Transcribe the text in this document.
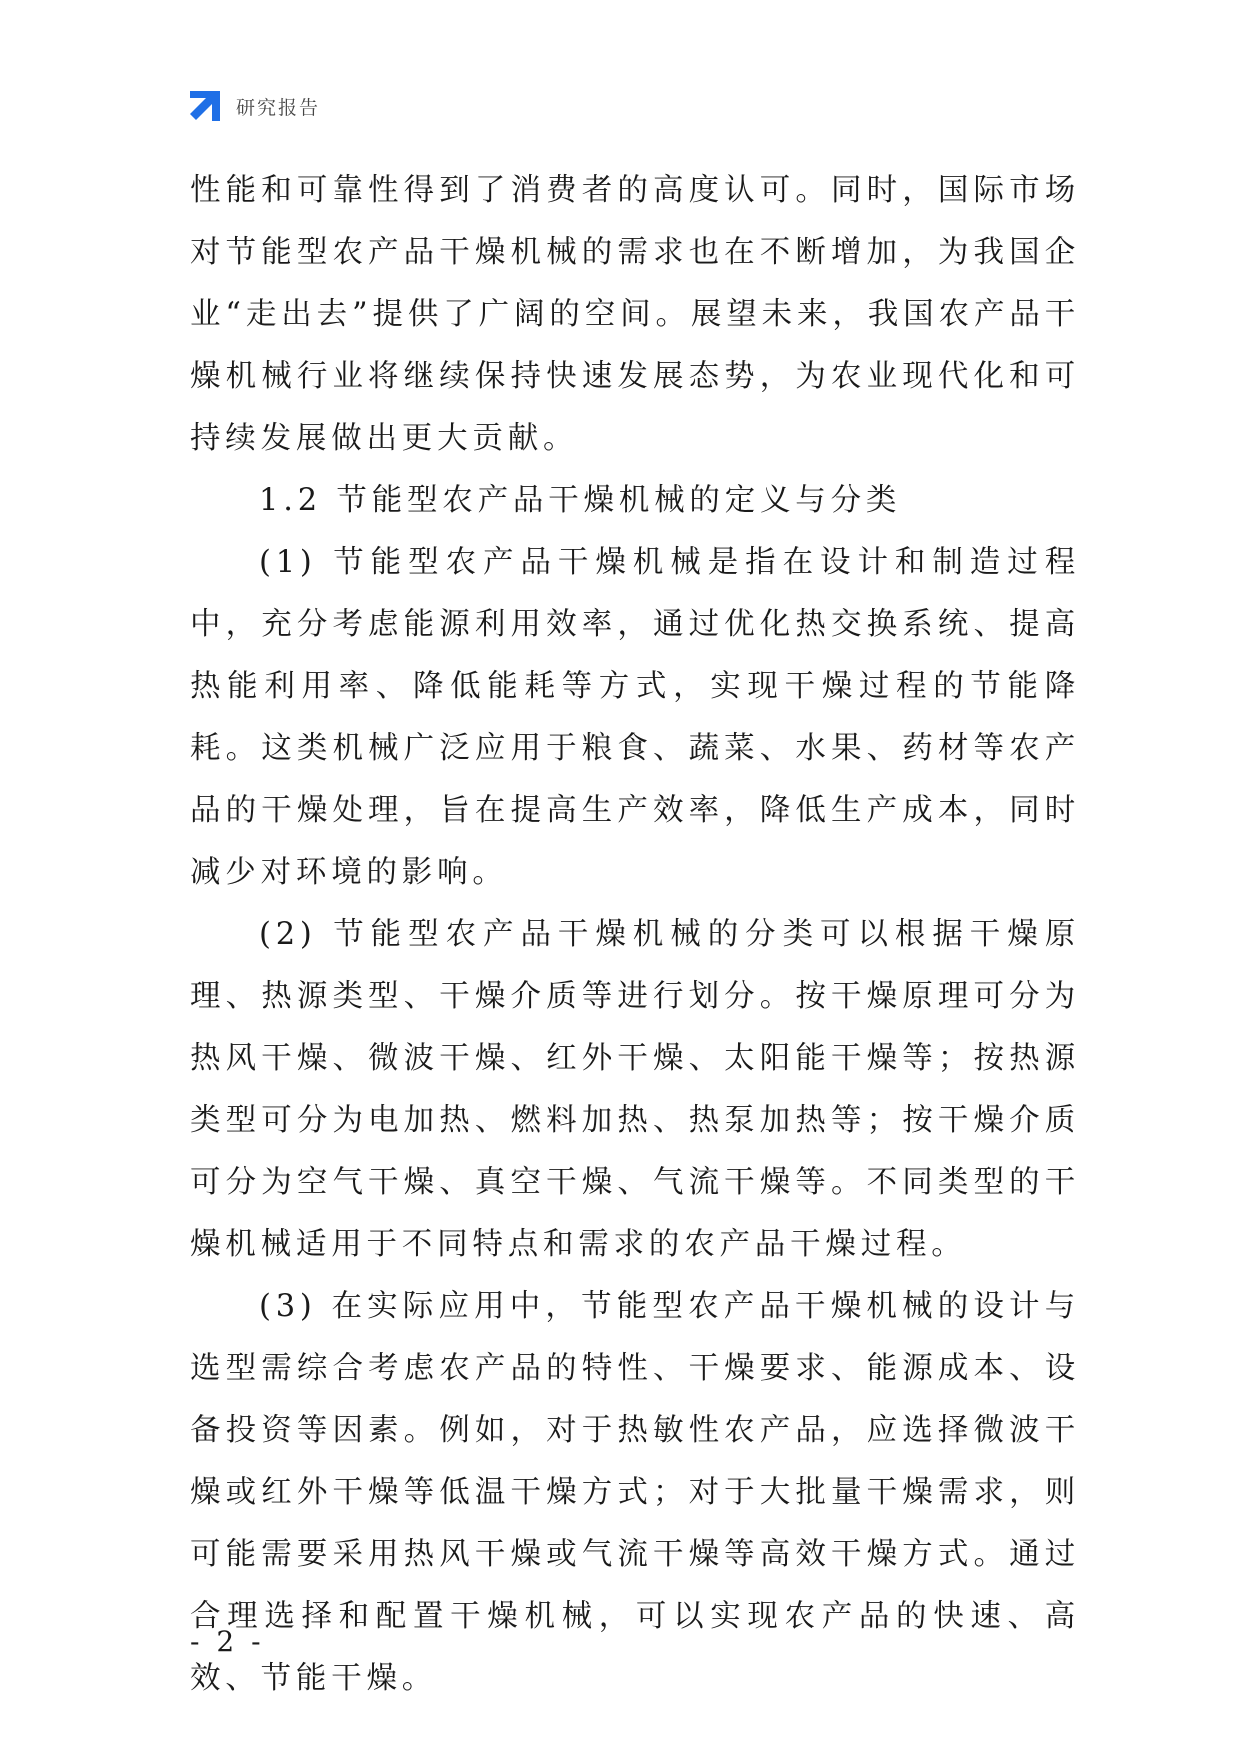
研究报告

性能和可靠性得到了消费者的高度认可。同时，国际市场对节能型农产品干燥机械的需求也在不断增加，为我国企业“走出去”提供了广阔的空间。展望未来，我国农产品干燥机械行业将继续保持快速发展态势，为农业现代化和可持续发展做出更大贡献。

1.2 节能型农产品干燥机械的定义与分类

(1) 节能型农产品干燥机械是指在设计和制造过程中，充分考虑能源利用效率，通过优化热交换系统、提高热能利用率、降低能耗等方式，实现干燥过程的节能降耗。这类机械广泛应用于粮食、蔬菜、水果、药材等农产品的干燥处理，旨在提高生产效率，降低生产成本，同时减少对环境的影响。

(2) 节能型农产品干燥机械的分类可以根据干燥原理、热源类型、干燥介质等进行划分。按干燥原理可分为热风干燥、微波干燥、红外干燥、太阳能干燥等；按热源类型可分为电加热、燃料加热、热泵加热等；按干燥介质可分为空气干燥、真空干燥、气流干燥等。不同类型的干燥机械适用于不同特点和需求的农产品干燥过程。

(3) 在实际应用中，节能型农产品干燥机械的设计与选型需综合考虑农产品的特性、干燥要求、能源成本、设备投资等因素。例如，对于热敏性农产品，应选择微波干燥或红外干燥等低温干燥方式；对于大批量干燥需求，则可能需要采用热风干燥或气流干燥等高效干燥方式。通过合理选择和配置干燥机械，可以实现农产品的快速、高效、节能干燥。

- 2 -
